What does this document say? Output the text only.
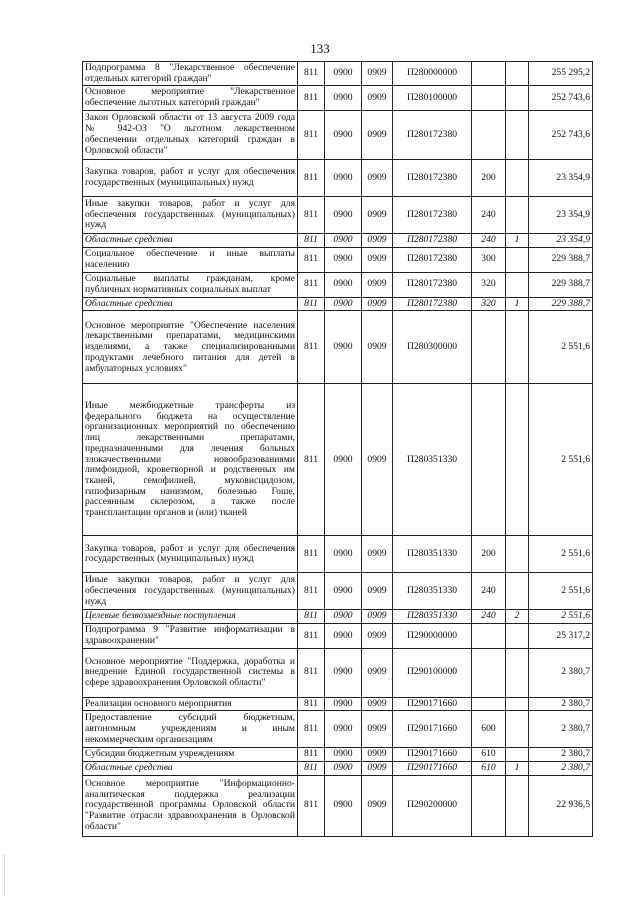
133
Подпрограмма 8 "Лекарственное обеспечение отдельных категорий граждан"	811	0900	0909	П280000000			255 295,2
Основное мероприятие "Лекарственное обеспечение льготных категорий граждан"	811	0900	0909	П280100000			252 743,6
Закон Орловской области от 13 августа 2009 года № 942-ОЗ "О льготном лекарственном обеспечении отдельных категорий граждан в Орловской области"	811	0900	0909	П280172380			252 743,6
Закупка товаров, работ и услуг для обеспечения государственных (муниципальных) нужд	811	0900	0909	П280172380	200		23 354,9
Иные закупки товаров, работ и услуг для обеспечения государственных (муниципальных) нужд	811	0900	0909	П280172380	240		23 354,9
Областные средства	811	0900	0909	П280172380	240	1	23 354,9
Социальное обеспечение и иные выплаты населению	811	0900	0909	П280172380	300		229 388,7
Социальные выплаты гражданам, кроме публичных нормативных социальных выплат	811	0900	0909	П280172380	320		229 388,7
Областные средства	811	0900	0909	П280172380	320	1	229 388,7
Основное мероприятие "Обеспечение населения лекарственными препаратами, медицинскими изделиями, а также специализированными продуктами лечебного питания для детей в амбулаторных условиях"	811	0900	0909	П280300000			2 551,6
Иные межбюджетные трансферты из федерального бюджета на осуществление организационных мероприятий по обеспечению лиц лекарственными препаратами, предназначенными для лечения больных злокачественными новообразованиями лимфоидной, кроветворной и родственных им тканей, гемофилией, муковисцидозом, гипофизарным нанизмом, болезнью Гоше, рассеянным склерозом, а также после трансплантации органов и (или) тканей	811	0900	0909	П280351330			2 551,6
Закупка товаров, работ и услуг для обеспечения государственных (муниципальных) нужд	811	0900	0909	П280351330	200		2 551,6
Иные закупки товаров, работ и услуг для обеспечения государственных (муниципальных) нужд	811	0900	0909	П280351330	240		2 551,6
Целевые безвозмездные поступления	811	0900	0909	П280351330	240	2	2 551,6
Подпрограмма 9 "Развитие информатизации в здравоохранении"	811	0900	0909	П290000000			25 317,2
Основное мероприятие "Поддержка, доработка и внедрение Единой государственной системы в сфере здравоохранения Орловской области"	811	0900	0909	П290100000			2 380,7
Реализация основного мероприятия	811	0900	0909	П290171660			2 380,7
Предоставление субсидий бюджетным, автономным учреждениям и иным некоммерческим организациям	811	0900	0909	П290171660	600		2 380,7
Субсидии бюджетным учреждениям	811	0900	0909	П290171660	610		2 380,7
Областные средства	811	0900	0909	П290171660	610	1	2 380,7
Основное мероприятие "Информационно-аналитическая поддержка реализации государственной программы Орловской области "Развитие отрасли здравоохранения в Орловской области"	811	0900	0909	П290200000			22 936,5
